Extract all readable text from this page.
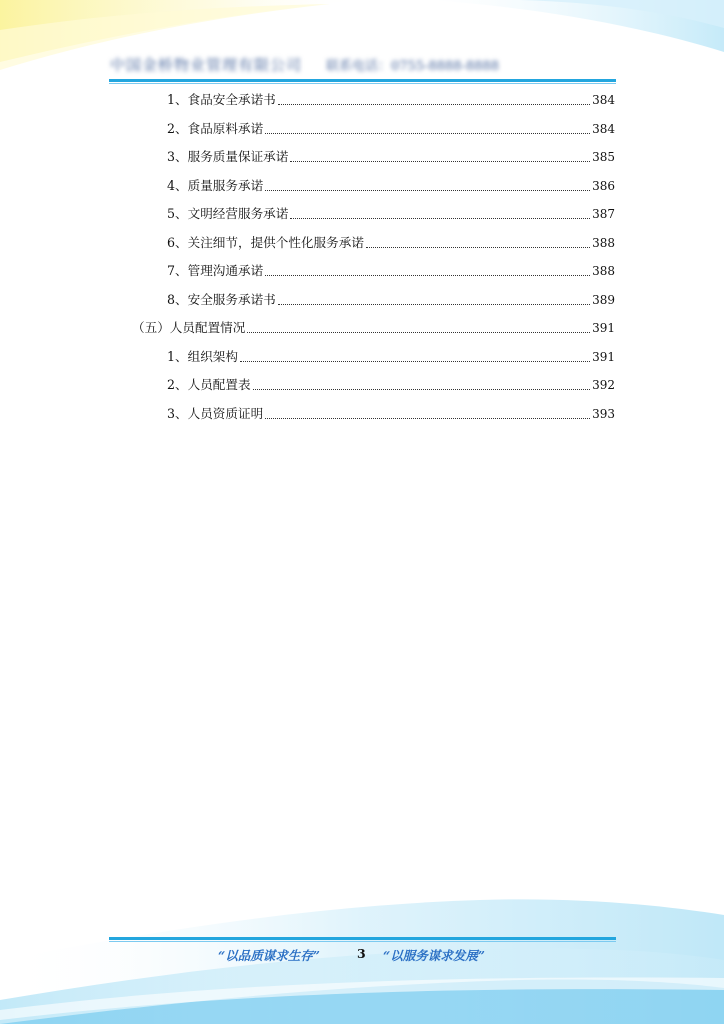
中国金桥物业管理有限公司 联系电话：0755-8888-8888
1、食品安全承诺书	384
2、食品原料承诺	384
3、服务质量保证承诺	385
4、质量服务承诺	386
5、文明经营服务承诺	387
6、关注细节，提供个性化服务承诺	388
7、管理沟通承诺	388
8、安全服务承诺书	389
（五）人员配置情况	391
1、组织架构	391
2、人员配置表	392
3、人员资质证明	393
“以品质谋求生存”	3 “以服务谋求发展”
